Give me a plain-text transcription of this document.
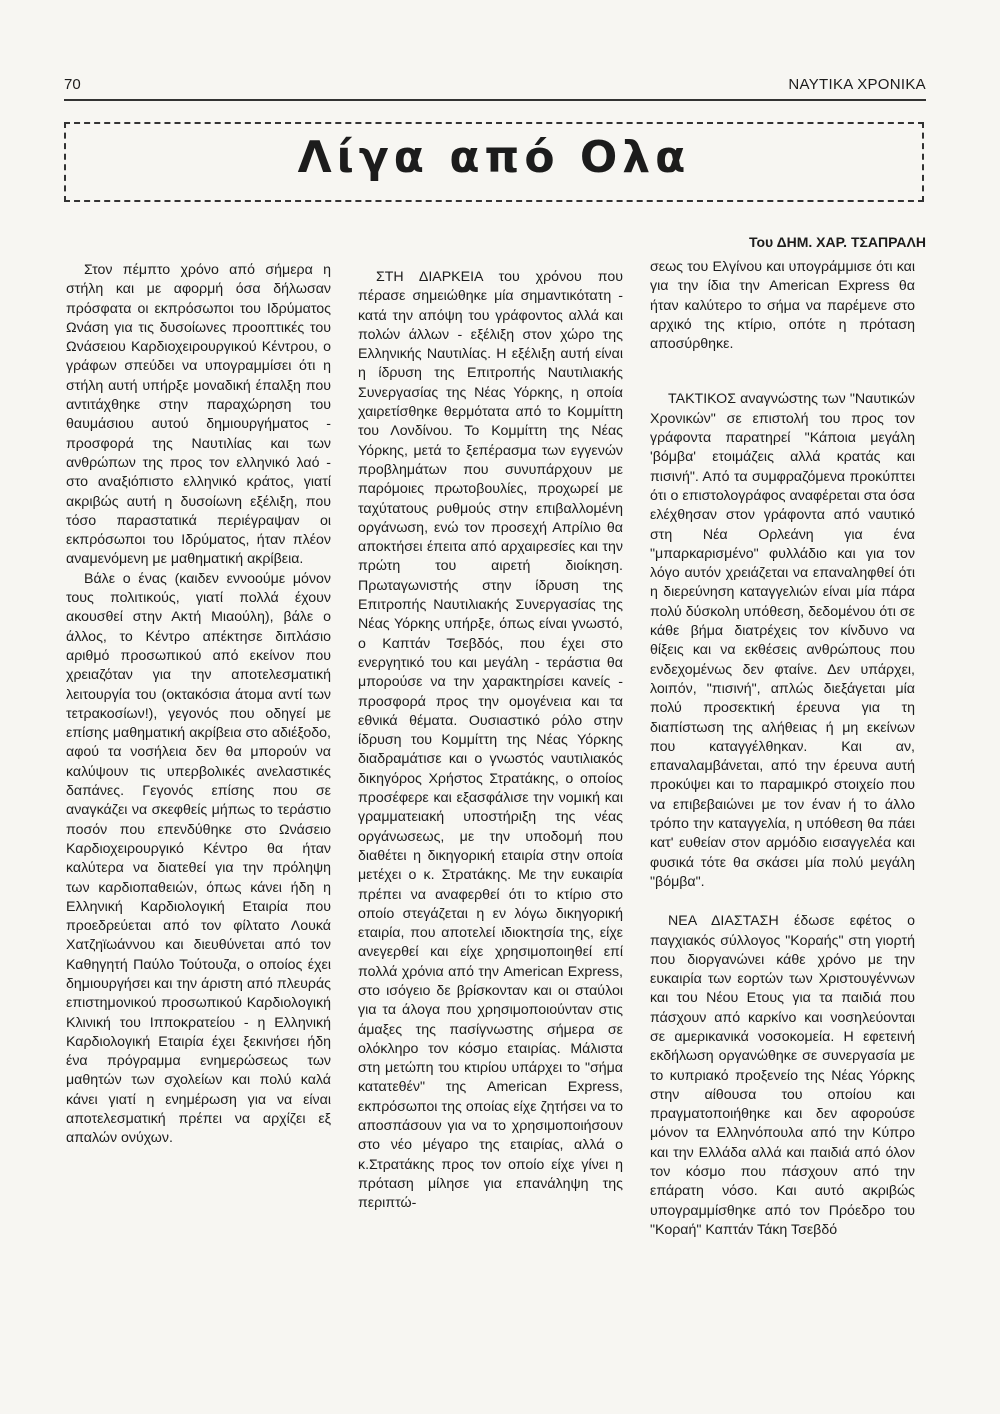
70	ΝΑΥΤΙΚΑ ΧΡΟΝΙΚΑ
Λίγα από Ολα
Του ΔΗΜ. ΧΑΡ. ΤΣΑΠΡΑΛΗ

Στον πέμπτο χρόνο από σήμερα η στήλη και με αφορμή όσα δήλωσαν πρόσφατα οι εκπρόσωποι του Ιδρύματος Ωνάση για τις δυσοίωνες προοπτικές του Ωνάσειου Καρδιοχειρουργικού Κέντρου, ο γράφων σπεύδει να υπογραμμίσει ότι η στήλη αυτή υπήρξε μοναδική έπαλξη που αντιτάχθηκε στην παραχώρηση του θαυμάσιου αυτού δημιουργήματος - προσφορά της Ναυτιλίας και των ανθρώπων της προς τον ελληνικό λαό - στο αναξιόπιστο ελληνικό κράτος, γιατί ακριβώς αυτή η δυσοίωνη εξέλιξη, που τόσο παραστατικά περιέγραψαν οι εκπρόσωποι του Ιδρύματος, ήταν πλέον αναμενόμενη με μαθηματική ακρίβεια.

Βάλε ο ένας (καιδεν εννοούμε μόνον τους πολιτικούς, γιατί πολλά έχουν ακουσθεί στην Ακτή Μιαούλη), βάλε ο άλλος, το Κέντρο απέκτησε διπλάσιο αριθμό προσωπικού από εκείνον που χρειαζόταν για την αποτελεσματική λειτουργία του (οκτακόσια άτομα αντί των τετρακοσίων!), γεγονός που οδηγεί με επίσης μαθηματική ακρίβεια στο αδιέξοδο, αφού τα νοσήλεια δεν θα μπορούν να καλύψουν τις υπερβολικές ανελαστικές δαπάνες. Γεγονός επίσης που σε αναγκάζει να σκεφθείς μήπως το τεράστιο ποσόν που επενδύθηκε στο Ωνάσειο Καρδιοχειρουργικό Κέντρο θα ήταν καλύτερα να διατεθεί για την πρόληψη των καρδιοπαθειών, όπως κάνει ήδη η Ελληνική Καρδιολογική Εταιρία που προεδρεύεται από τον φίλτατο Λουκά Χατζηϊωάννου και διευθύνεται από τον Καθηγητή Παύλο Τούτουζα, ο οποίος έχει δημιουργήσει και την άριστη από πλευράς επιστημονικού προσωπικού Καρδιολογική Κλινική του Ιπποκρατείου - η Ελληνική Καρδιολογική Εταιρία έχει ξεκινήσει ήδη ένα πρόγραμμα ενημερώσεως των μαθητών των σχολείων και πολύ καλά κάνει γιατί η ενημέρωση για να είναι αποτελεσματική πρέπει να αρχίζει εξ απαλών ονύχων.

ΣΤΗ ΔΙΑΡΚΕΙΑ του χρόνου που πέρασε σημειώθηκε μία σημαντικότατη - κατά την απόψη του γράφοντος αλλά και πολών άλλων - εξέλιξη στον χώρο της Ελληνικής Ναυτιλίας. Η εξέλιξη αυτή είναι η ίδρυση της Επιτροπής Ναυτιλιακής Συνεργασίας της Νέας Υόρκης, η οποία χαιρετίσθηκε θερμότατα από το Κομμίττη του Λονδίνου. Το Κομμίττη της Νέας Υόρκης, μετά το ξεπέρασμα των εγγενών προβλημάτων που συνυπάρχουν με παρόμοιες πρωτοβουλίες, προχωρεί με ταχύτατους ρυθμούς στην επιβαλλομένη οργάνωση, ενώ τον προσεχή Απρίλιο θα αποκτήσει έπειτα από αρχαιρεσίες και την πρώτη του αιρετή διοίκηση. Πρωταγωνιστής στην ίδρυση της Επιτροπής Ναυτιλιακής Συνεργασίας της Νέας Υόρκης υπήρξε, όπως είναι γνωστό, ο Καπτάν Τσεβδός, που έχει στο ενεργητικό του και μεγάλη - τεράστια θα μπορούσε να την χαρακτηρίσει κανείς - προσφορά προς την ομογένεια και τα εθνικά θέματα. Ουσιαστικό ρόλο στην ίδρυση του Κομμίττη της Νέας Υόρκης διαδραμάτισε και ο γνωστός ναυτιλιακός δικηγόρος Χρήστος Στρατάκης, ο οποίος προσέφερε και εξασφάλισε την νομική και γραμματειακή υποστήριξη της νέας οργάνωσεως, με την υποδομή που διαθέτει η δικηγορική εταιρία στην οποία μετέχει ο κ. Στρατάκης. Με την ευκαιρία πρέπει να αναφερθεί ότι το κτίριο στο οποίο στεγάζεται η εν λόγω δικηγορική εταιρία, που αποτελεί ιδιοκτησία της, είχε ανεγερθεί και είχε χρησιμοποιηθεί επί πολλά χρόνια από την American Express, στο ισόγειο δε βρίσκονταν και οι σταύλοι για τα άλογα που χρησιμοποιούνταν στις άμαξες της πασίγνωστης σήμερα σε ολόκληρο τον κόσμο εταιρίας. Μάλιστα στη μετώπη του κτιρίου υπάρχει το "σήμα κατατεθέν" της American Express, εκπρόσωποι της οποίας είχε ζητήσει να το αποσπάσουν για να το χρησιμοποιήσουν στο νέο μέγαρο της εταιρίας, αλλά ο κ.Στρατάκης προς τον οποίο είχε γίνει η πρόταση μίλησε για επανάληψη της περιπτώ-

σεως του Ελγίνου και υπογράμμισε ότι και για την ίδια την American Express θα ήταν καλύτερο το σήμα να παρέμενε στο αρχικό της κτίριο, οπότε η πρόταση αποσύρθηκε.

ΤΑΚΤΙΚΟΣ αναγνώστης των "Ναυτικών Χρονικών" σε επιστολή του προς τον γράφοντα παρατηρεί "Κάποια μεγάλη 'βόμβα' ετοιμάζεις αλλά κρατάς και πισινή". Από τα συμφραζόμενα προκύπτει ότι ο επιστολογράφος αναφέρεται στα όσα ελέχθησαν στον γράφοντα από ναυτικό στη Νέα Ορλεάνη για ένα "μπαρκαρισμένο" φυλλάδιο και για τον λόγο αυτόν χρειάζεται να επαναληφθεί ότι η διερεύνηση καταγγελιών είναι μία πάρα πολύ δύσκολη υπόθεση, δεδομένου ότι σε κάθε βήμα διατρέχεις τον κίνδυνο να θίξεις και να εκθέσεις ανθρώπους που ενδεχομένως δεν φταίνε. Δεν υπάρχει, λοιπόν, "πισινή", απλώς διεξάγεται μία πολύ προσεκτική έρευνα για τη διαπίστωση της αλήθειας ή μη εκείνων που καταγγέλθηκαν. Και αν, επαναλαμβάνεται, από την έρευνα αυτή προκύψει και το παραμικρό στοιχείο που να επιβεβαιώνει με τον έναν ή το άλλο τρόπο την καταγγελία, η υπόθεση θα πάει κατ' ευθείαν στον αρμόδιο εισαγγελέα και φυσικά τότε θα σκάσει μία πολύ μεγάλη "βόμβα".

ΝΕΑ ΔΙΑΣΤΑΣΗ έδωσε εφέτος ο παγχιακός σύλλογος "Κοραής" στη γιορτή που διοργανώνει κάθε χρόνο με την ευκαιρία των εορτών των Χριστουγέννων και του Νέου Ετους για τα παιδιά που πάσχουν από καρκίνο και νοσηλεύονται σε αμερικανικά νοσοκομεία. Η εφετεινή εκδήλωση οργανώθηκε σε συνεργασία με το κυπριακό προξενείο της Νέας Υόρκης στην αίθουσα του οποίου και πραγματοποιήθηκε και δεν αφορούσε μόνον τα Ελληνόπουλα από την Κύπρο και την Ελλάδα αλλά και παιδιά από όλον τον κόσμο που πάσχουν από την επάρατη νόσο. Και αυτό ακριβώς υπογραμμίσθηκε από τον Πρόεδρο του "Κοραή" Καπτάν Τάκη Τσεβδό
